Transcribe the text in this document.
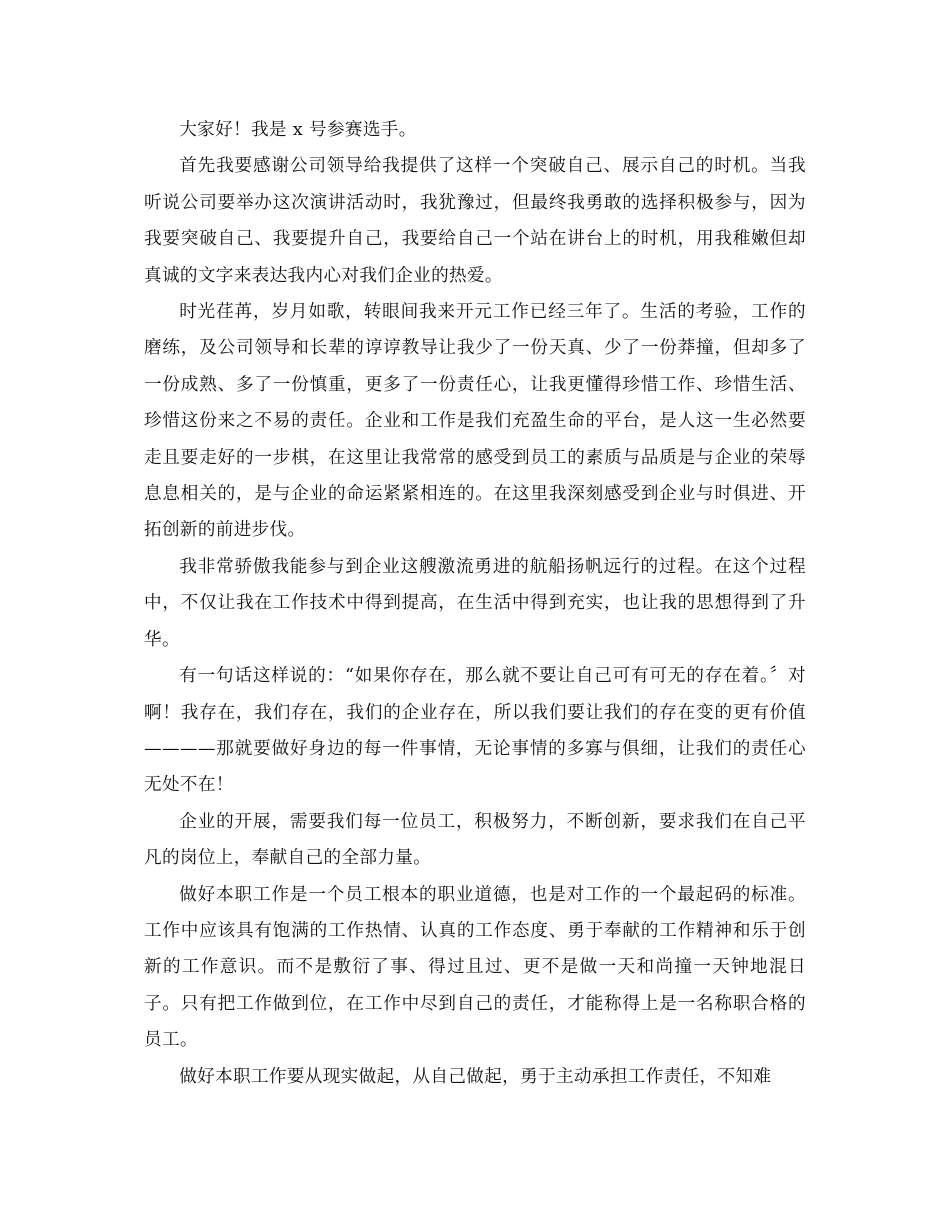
大家好！我是 x 号参赛选手。

首先我要感谢公司领导给我提供了这样一个突破自己、展示自己的时机。当我听说公司要举办这次演讲活动时，我犹豫过，但最终我勇敢的选择积极参与，因为我要突破自己、我要提升自己，我要给自己一个站在讲台上的时机，用我稚嫩但却真诚的文字来表达我内心对我们企业的热爱。

时光荏苒，岁月如歌，转眼间我来开元工作已经三年了。生活的考验，工作的磨练，及公司领导和长辈的谆谆教导让我少了一份天真、少了一份莽撞，但却多了一份成熟、多了一份慎重，更多了一份责任心，让我更懂得珍惜工作、珍惜生活、珍惜这份来之不易的责任。企业和工作是我们充盈生命的平台，是人这一生必然要走且要走好的一步棋，在这里让我常常的感受到员工的素质与品质是与企业的荣辱息息相关的，是与企业的命运紧紧相连的。在这里我深刻感受到企业与时俱进、开拓创新的前进步伐。

我非常骄傲我能参与到企业这艘激流勇进的航船扬帆远行的过程。在这个过程中，不仅让我在工作技术中得到提高，在生活中得到充实，也让我的思想得到了升华。

有一句话这样说的：“如果你存在，那么就不要让自己可有可无的存在着。〞对啊！我存在，我们存在，我们的企业存在，所以我们要让我们的存在变的更有价值————那就要做好身边的每一件事情，无论事情的多寡与俱细，让我们的责任心无处不在！

企业的开展，需要我们每一位员工，积极努力，不断创新，要求我们在自己平凡的岗位上，奉献自己的全部力量。

做好本职工作是一个员工根本的职业道德，也是对工作的一个最起码的标准。工作中应该具有饱满的工作热情、认真的工作态度、勇于奉献的工作精神和乐于创新的工作意识。而不是敷衍了事、得过且过、更不是做一天和尚撞一天钟地混日子。只有把工作做到位，在工作中尽到自己的责任，才能称得上是一名称职合格的员工。

做好本职工作要从现实做起，从自己做起，勇于主动承担工作责任，不知难
